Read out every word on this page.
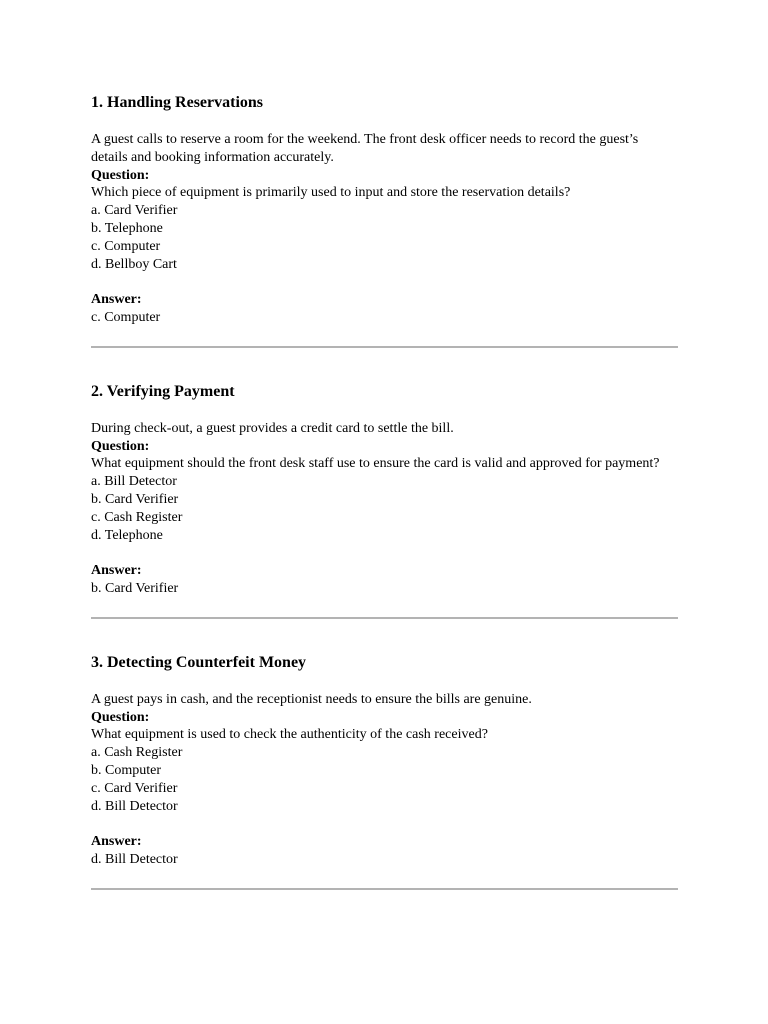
1. Handling Reservations

A guest calls to reserve a room for the weekend. The front desk officer needs to record the guest’s details and booking information accurately.

Question:

Which piece of equipment is primarily used to input and store the reservation details?

a. Card Verifier
b. Telephone
c. Computer
d. Bellboy Cart

Answer:

c. Computer

2. Verifying Payment

During check-out, a guest provides a credit card to settle the bill.

Question:

What equipment should the front desk staff use to ensure the card is valid and approved for payment?

a. Bill Detector
b. Card Verifier
c. Cash Register
d. Telephone

Answer:

b. Card Verifier

3. Detecting Counterfeit Money

A guest pays in cash, and the receptionist needs to ensure the bills are genuine.

Question:

What equipment is used to check the authenticity of the cash received?

a. Cash Register
b. Computer
c. Card Verifier
d. Bill Detector

Answer:

d. Bill Detector
